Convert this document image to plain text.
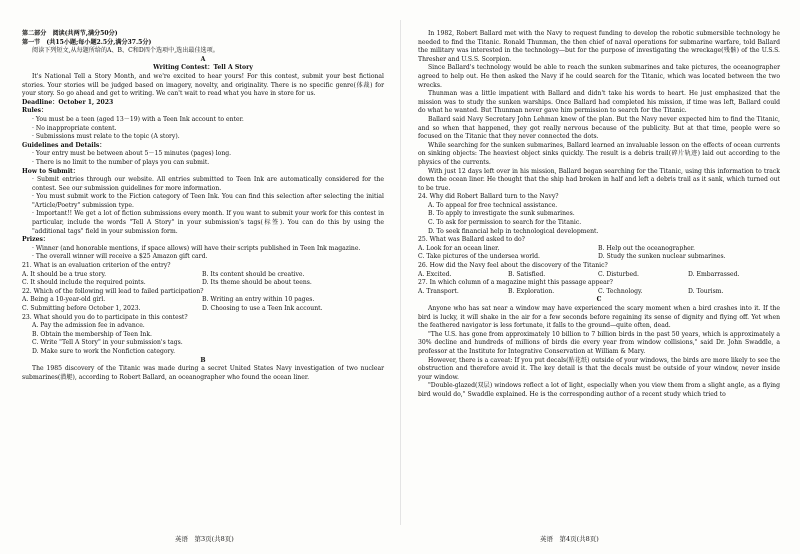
第二部分　阅读(共两节,满分50分)

第一节　(共15小题;每小题2.5分,满分37.5分)

阅读下列短文,从每题所给的A、B、C和D四个选项中,选出最佳选项。

A

Writing Contest：Tell A Story

It's National Tell a Story Month, and we're excited to hear yours! For this contest, submit your best fictional stories. Your stories will be judged based on imagery, novelty, and originality. There is no specific genre(体裁) for your story. So go ahead and get to writing. We can't wait to read what you have in store for us.

Deadline：October 1, 2023

Rules：

· You must be a teen (aged 13－19) with a Teen Ink account to enter.

· No inappropriate content.

· Submissions must relate to the topic (A story).

Guidelines and Details：

· Your entry must be between about 5－15 minutes (pages) long.

· There is no limit to the number of plays you can submit.

How to Submit：

· Submit entries through our website. All entries submitted to Teen Ink are automatically considered for the contest. See our submission guidelines for more information.

· You must submit work to the Fiction category of Teen Ink. You can find this selection after selecting the initial "Article/Poetry" submission type.

· Important!! We get a lot of fiction submissions every month. If you want to submit your work for this contest in particular, include the words "Tell A Story" in your submission's tags(标签). You can do this by using the "additional tags" field in your submission form.

Prizes：

· Winner (and honorable mentions, if space allows) will have their scripts published in Teen Ink magazine.

· The overall winner will receive a $25 Amazon gift card.

21. What is an evaluation criterion of the entry?

A. It should be a true story.	B. Its content should be creative.
C. It should include the required points.	D. Its theme should be about teens.

22. Which of the following will lead to failed participation?

A. Being a 10-year-old girl.	B. Writing an entry within 10 pages.
C. Submitting before October 1, 2023.	D. Choosing to use a Teen Ink account.

23. What should you do to participate in this contest?

A. Pay the admission fee in advance.

B. Obtain the membership of Teen Ink.

C. Write "Tell A Story" in your submission's tags.

D. Make sure to work the Nonfiction category.

B

The 1985 discovery of the Titanic was made during a secret United States Navy investigation of two nuclear submarines(潜艇), according to Robert Ballard, an oceanographer who found the ocean liner.

In 1982, Robert Ballard met with the Navy to request funding to develop the robotic submersible technology he needed to find the Titanic. Ronald Thunman, the then chief of naval operations for submarine warfare, told Ballard the military was interested in the technology—but for the purpose of investigating the wreckage(残骸) of the U.S.S. Thresher and U.S.S. Scorpion.

Since Ballard's technology would be able to reach the sunken submarines and take pictures, the oceanographer agreed to help out. He then asked the Navy if he could search for the Titanic, which was located between the two wrecks.

Thunman was a little impatient with Ballard and didn't take his words to heart. He just emphasized that the mission was to study the sunken warships. Once Ballard had completed his mission, if time was left, Ballard could do what he wanted. But Thunman never gave him permission to search for the Titanic.

Ballard said Navy Secretary John Lehman knew of the plan. But the Navy never expected him to find the Titanic, and so when that happened, they got really nervous because of the publicity. But at that time, people were so focused on the Titanic that they never connected the dots.

While searching for the sunken submarines, Ballard learned an invaluable lesson on the effects of ocean currents on sinking objects: The heaviest object sinks quickly. The result is a debris trail(碎片轨迹) laid out according to the physics of the currents.

With just 12 days left over in his mission, Ballard began searching for the Titanic, using this information to track down the ocean liner. He thought that the ship had broken in half and left a debris trail as it sank, which turned out to be true.

24. Why did Robert Ballard turn to the Navy?

A. To appeal for free technical assistance.

B. To apply to investigate the sunk submarines.

C. To ask for permission to search for the Titanic.

D. To seek financial help in technological development.

25. What was Ballard asked to do?

A. Look for an ocean liner.	B. Help out the oceanographer.
C. Take pictures of the undersea world.	D. Study the sunken nuclear submarines.

26. How did the Navy feel about the discovery of the Titanic?

A. Excited.	B. Satisfied.	C. Disturbed.	D. Embarrassed.

27. In which column of a magazine might this passage appear?

A. Transport.	B. Exploration.	C. Technology.	D. Tourism.

C

Anyone who has sat near a window may have experienced the scary moment when a bird crashes into it. If the bird is lucky, it will shake in the air for a few seconds before regaining its sense of dignity and flying off. Yet when the feathered navigator is less fortunate, it falls to the ground—quite often, dead.

"The U.S. has gone from approximately 10 billion to 7 billion birds in the past 50 years, which is approximately a 30% decline and hundreds of millions of birds die every year from window collisions," said Dr. John Swaddle, a professor at the Institute for Integrative Conservation at William & Mary.

However, there is a caveat: If you put decals(贴花纸) outside of your windows, the birds are more likely to see the obstruction and therefore avoid it. The key detail is that the decals must be outside of your window, never inside your window.

"Double-glazed(双层) windows reflect a lot of light, especially when you view them from a slight angle, as a flying bird would do," Swaddle explained. He is the corresponding author of a recent study which tried to

英语　第3页(共8页)	英语　第4页(共8页)
